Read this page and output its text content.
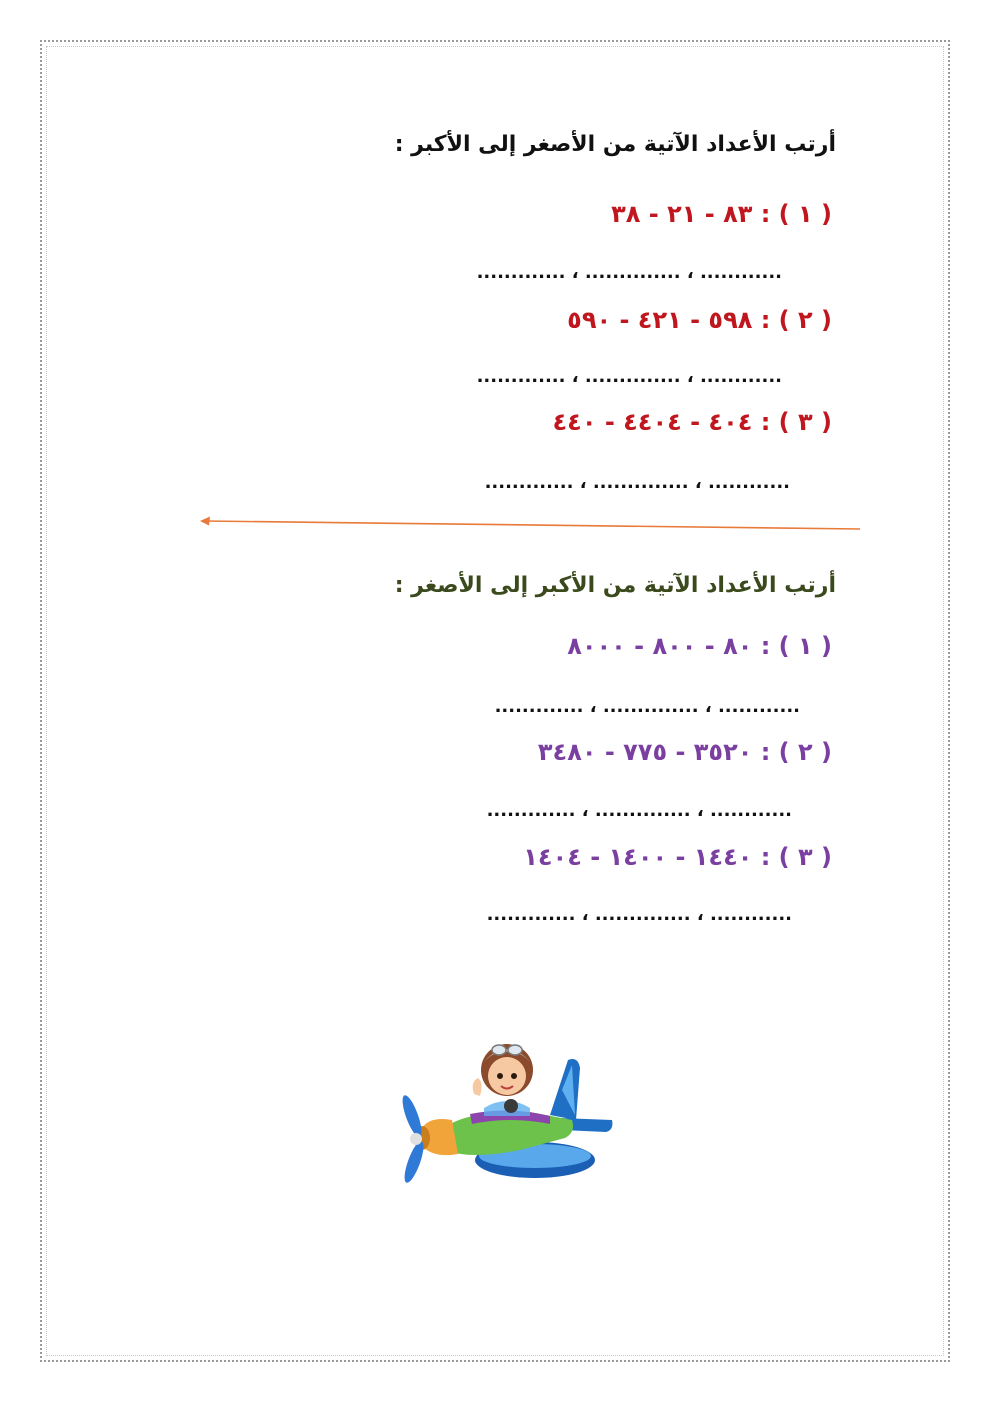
أرتب الأعداد الآتية من الأصغر إلى الأكبر :
( ١ ) : ٨٣ - ٢١ - ٣٨
............ ، .............. ، .............
( ٢ ) : ٥٩٨ - ٤٢١ - ٥٩٠
............ ، .............. ، .............
( ٣ ) : ٤٠٤ - ٤٤٠٤ - ٤٤٠
............ ، .............. ، .............
أرتب الأعداد الآتية من الأكبر إلى الأصغر :
( ١ ) : ٨٠ - ٨٠٠ - ٨٠٠٠
............ ، .............. ، .............
( ٢ ) : ٣٥٢٠ - ٧٧٥ - ٣٤٨٠
............ ، .............. ، .............
( ٣ ) : ١٤٤٠ - ١٤٠٠ - ١٤٠٤
............ ، .............. ، .............
